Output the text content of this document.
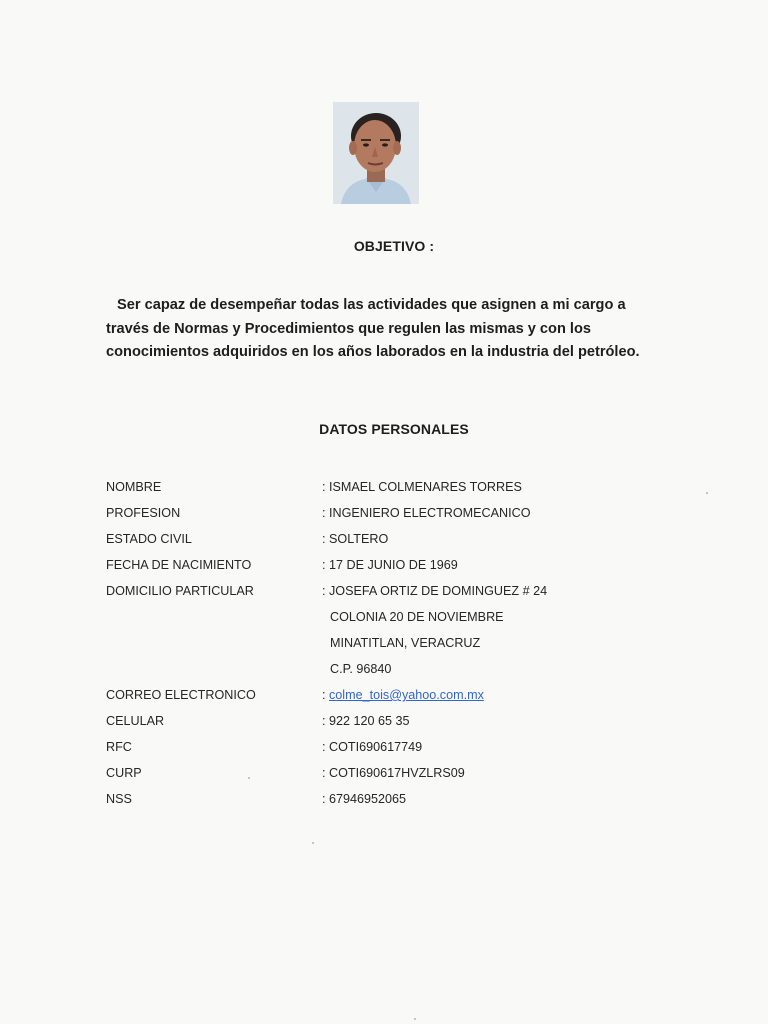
OBJETIVO :
Ser capaz de desempeñar todas las actividades que asignen a mi cargo a través de Normas y Procedimientos que regulen las mismas y con los conocimientos adquiridos en los años laborados en la industria del petróleo.
DATOS PERSONALES
NOMBRE	: ISMAEL COLMENARES TORRES
PROFESION	: INGENIERO ELECTROMECANICO
ESTADO CIVIL	: SOLTERO
FECHA DE NACIMIENTO	: 17 DE JUNIO DE 1969
DOMICILIO PARTICULAR	: JOSEFA ORTIZ DE DOMINGUEZ # 24
COLONIA 20 DE NOVIEMBRE
MINATITLAN, VERACRUZ
C.P. 96840
CORREO ELECTRONICO	: colme_tois@yahoo.com.mx
CELULAR	: 922 120 65 35
RFC	: COTI690617749
CURP	: COTI690617HVZLRS09
NSS	: 67946952065
